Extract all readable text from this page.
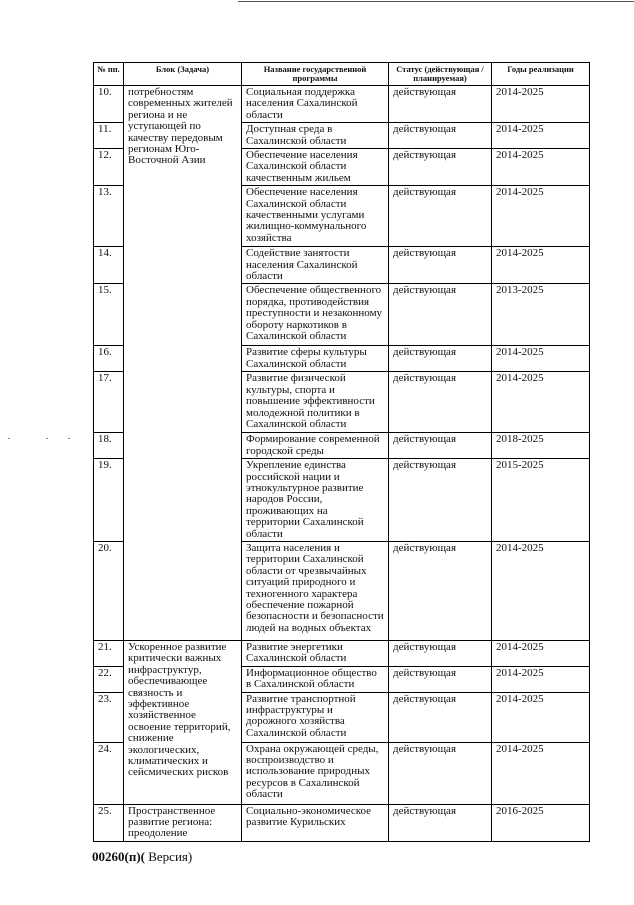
№ пп.	Блок (Задача)	Название государственной программы	Статус (действующая / планируемая)	Годы реализации
10.	потребностям современных жителей региона и не уступающей по качеству передовым регионам Юго-Восточной Азии	Социальная поддержка населения Сахалинской области	действующая	2014-2025
11.		Доступная среда в Сахалинской области	действующая	2014-2025
12.		Обеспечение населения Сахалинской области качественным жильем	действующая	2014-2025
13.		Обеспечение населения Сахалинской области качественными услугами жилищно-коммунального хозяйства	действующая	2014-2025
14.		Содействие занятости населения Сахалинской области	действующая	2014-2025
15.		Обеспечение общественного порядка, противодействия преступности и незаконному обороту наркотиков в Сахалинской области	действующая	2013-2025
16.		Развитие сферы культуры Сахалинской области	действующая	2014-2025
17.		Развитие физической культуры, спорта и повышение эффективности молодежной политики в Сахалинской области	действующая	2014-2025
18.		Формирование современной городской среды	действующая	2018-2025
19.		Укрепление единства российской нации и этнокультурное развитие народов России, проживающих на территории Сахалинской области	действующая	2015-2025
20.		Защита населения и территории Сахалинской области от чрезвычайных ситуаций природного и техногенного характера обеспечение пожарной безопасности и безопасности людей на водных объектах	действующая	2014-2025
21.	Ускоренное развитие критически важных инфраструктур, обеспечивающее связность и эффективное хозяйственное освоение территорий, снижение экологических, климатических и сейсмических рисков	Развитие энергетики Сахалинской области	действующая	2014-2025
22.		Информационное общество в Сахалинской области	действующая	2014-2025
23.		Развитие транспортной инфраструктуры и дорожного хозяйства Сахалинской области	действующая	2014-2025
24.		Охрана окружающей среды, воспроизводство и использование природных ресурсов в Сахалинской области	действующая	2014-2025
25.	Пространственное развитие региона: преодоление	Социально-экономическое развитие Курильских	действующая	2016-2025
00260(п)( Версия)
